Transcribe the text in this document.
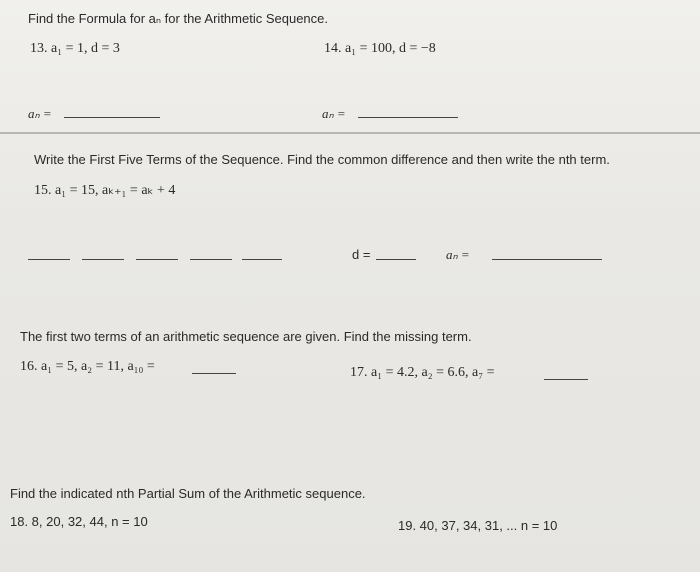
Find the Formula for aₙ for the Arithmetic Sequence.
13. a₁ = 1, d = 3	14. a₁ = 100, d = −8
aₙ =	aₙ =
Write the First Five Terms of the Sequence. Find the common difference and then write the nth term.
15. a₁ = 15, aₖ₊₁ = aₖ + 4
d =	aₙ =
The first two terms of an arithmetic sequence are given. Find the missing term.
16. a₁ = 5, a₂ = 11, a₁₀ =	17. a₁ = 4.2, a₂ = 6.6, a₇ =
Find the indicated nth Partial Sum of the Arithmetic sequence.
18. 8, 20, 32, 44, n = 10	19. 40, 37, 34, 31, ... n = 10
